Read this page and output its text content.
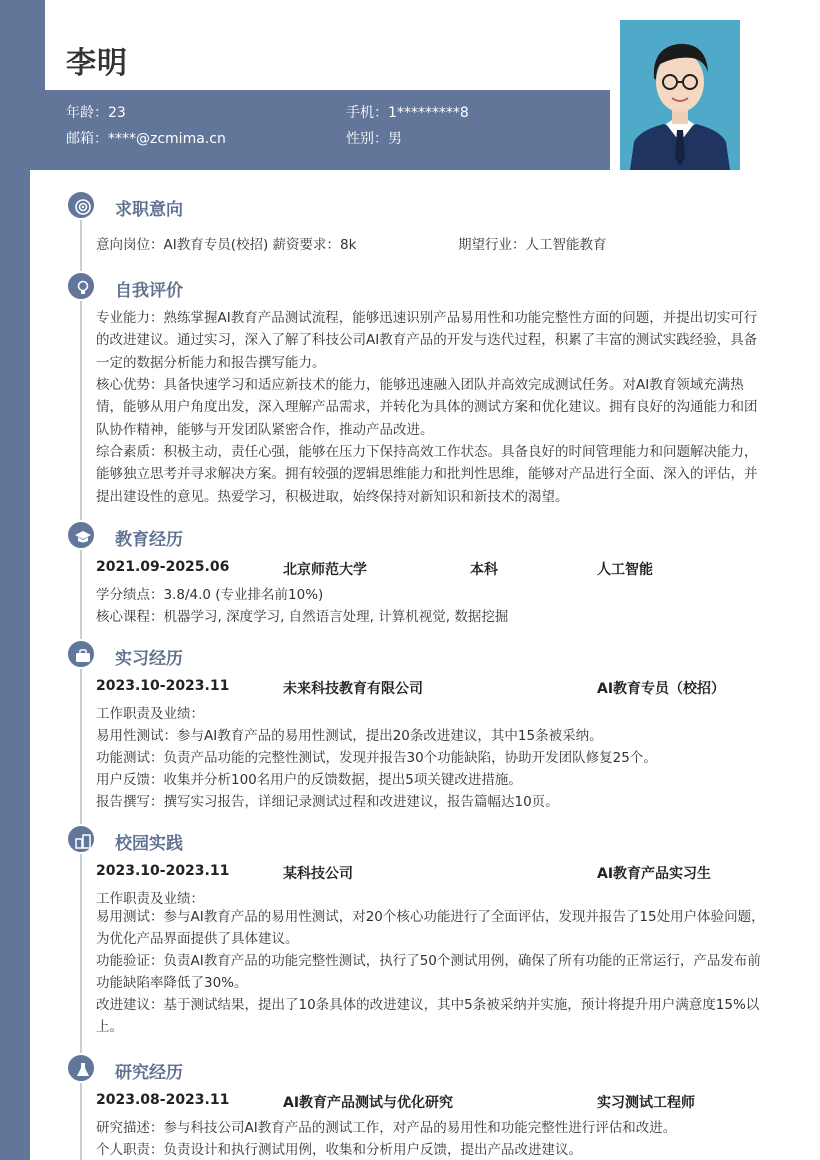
李明
年龄：23	手机：1*********8
邮箱：****@zcmima.cn	性别：男
求职意向
意向岗位：AI教育专员(校招) 薪资要求：8k	期望行业：人工智能教育
自我评价
专业能力：熟练掌握AI教育产品测试流程，能够迅速识别产品易用性和功能完整性方面的问题，并提出切实可行的改进建议。通过实习，深入了解了科技公司AI教育产品的开发与迭代过程，积累了丰富的测试实践经验，具备一定的数据分析能力和报告撰写能力。
核心优势：具备快速学习和适应新技术的能力，能够迅速融入团队并高效完成测试任务。对AI教育领域充满热情，能够从用户角度出发，深入理解产品需求，并转化为具体的测试方案和优化建议。拥有良好的沟通能力和团队协作精神，能够与开发团队紧密合作，推动产品改进。
综合素质：积极主动，责任心强，能够在压力下保持高效工作状态。具备良好的时间管理能力和问题解决能力，能够独立思考并寻求解决方案。拥有较强的逻辑思维能力和批判性思维，能够对产品进行全面、深入的评估，并提出建设性的意见。热爱学习，积极进取，始终保持对新知识和新技术的渴望。
教育经历
2021.09-2025.06	北京师范大学	本科	人工智能
学分绩点：3.8/4.0 (专业排名前10%)
核心课程：机器学习, 深度学习, 自然语言处理, 计算机视觉, 数据挖掘
实习经历
2023.10-2023.11	未来科技教育有限公司	AI教育专员（校招）
工作职责及业绩：
易用性测试：参与AI教育产品的易用性测试，提出20条改进建议，其中15条被采纳。
功能测试：负责产品功能的完整性测试，发现并报告30个功能缺陷，协助开发团队修复25个。
用户反馈：收集并分析100名用户的反馈数据，提出5项关键改进措施。
报告撰写：撰写实习报告，详细记录测试过程和改进建议，报告篇幅达10页。
校园实践
2023.10-2023.11	某科技公司	AI教育产品实习生
工作职责及业绩：
易用测试：参与AI教育产品的易用性测试，对20个核心功能进行了全面评估，发现并报告了15处用户体验问题，为优化产品界面提供了具体建议。
功能验证：负责AI教育产品的功能完整性测试，执行了50个测试用例，确保了所有功能的正常运行，产品发布前功能缺陷率降低了30%。
改进建议：基于测试结果，提出了10条具体的改进建议，其中5条被采纳并实施，预计将提升用户满意度15%以上。
研究经历
2023.08-2023.11	AI教育产品测试与优化研究	实习测试工程师
研究描述：参与科技公司AI教育产品的测试工作，对产品的易用性和功能完整性进行评估和改进。
个人职责：负责设计和执行测试用例，收集和分析用户反馈，提出产品改进建议。
